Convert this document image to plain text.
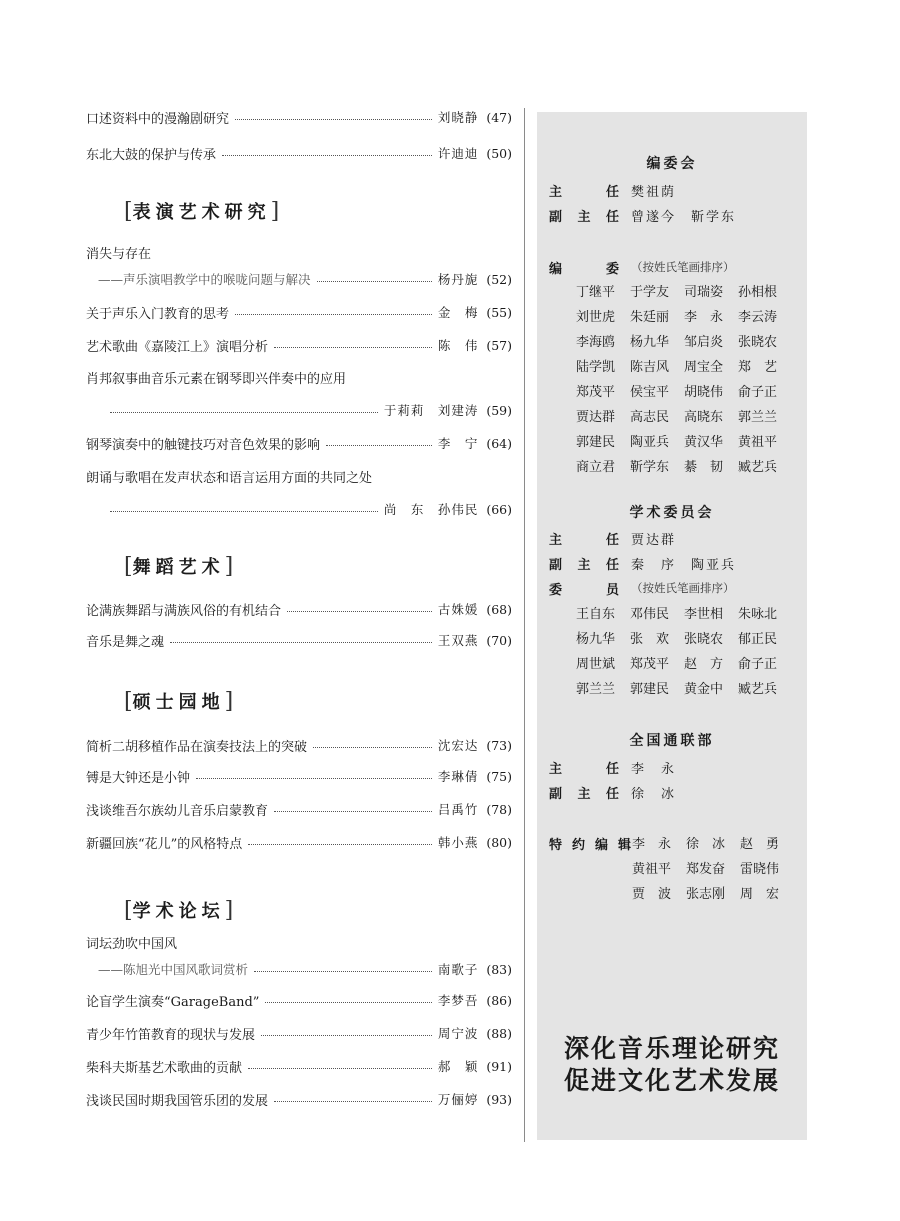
口述资料中的漫瀚剧研究	刘晓静 (47)
东北大鼓的保护与传承	许迪迪 (50)
[ 表演艺术研究 ]
消失与存在
——声乐演唱教学中的喉咙问题与解决	杨丹旎 (52)
关于声乐入门教育的思考	金　梅 (55)
艺术歌曲《嘉陵江上》演唱分析	陈　伟 (57)
肖邦叙事曲音乐元素在钢琴即兴伴奏中的应用
于莉莉　刘建涛 (59)
钢琴演奏中的触键技巧对音色效果的影响	李　宁 (64)
朗诵与歌唱在发声状态和语言运用方面的共同之处
尚　东　孙伟民 (66)
[ 舞蹈艺术 ]
论满族舞蹈与满族风俗的有机结合	古姝媛 (68)
音乐是舞之魂	王双燕 (70)
[ 硕士园地 ]
简析二胡移植作品在演奏技法上的突破	沈宏达 (73)
镈是大钟还是小钟	李琳倩 (75)
浅谈维吾尔族幼儿音乐启蒙教育	吕禹竹 (78)
新疆回族“花儿”的风格特点	韩小燕 (80)
[ 学术论坛 ]
词坛劲吹中国风
——陈旭光中国风歌词赏析	南歌子 (83)
论盲学生演奏“GarageBand”	李梦吾 (86)
青少年竹笛教育的现状与发展	周宁波 (88)
柴科夫斯基艺术歌曲的贡献	郝　颖 (91)
浅谈民国时期我国管乐团的发展	万俪婷 (93)
编委会
主	任 樊祖荫
副 主 任 曾遂今　靳学东
编	委 （按姓氏笔画排序）
丁继平	于学友	司瑞姿	孙相根
刘世虎	朱廷丽	李　永	李云涛
李海鸥	杨九华	邹启炎	张晓农
陆学凯	陈吉风	周宝全	郑　艺
郑茂平	侯宝平	胡晓伟	俞子正
贾达群	高志民	高晓东	郭兰兰
郭建民	陶亚兵	黄汉华	黄祖平
商立君	靳学东	綦　韧	臧艺兵
学术委员会
主	任 贾达群
副 主 任 秦　序　陶亚兵
委	员 （按姓氏笔画排序）
王自东	邓伟民	李世相	朱咏北
杨九华	张　欢	张晓农	郁正民
周世斌	郑茂平	赵　方	俞子正
郭兰兰	郭建民	黄金中	臧艺兵
全国通联部
主	任 李　永
副 主 任 徐　冰
特 约 编 辑 李　永	徐　冰	赵　勇
黄祖平	郑发奋	雷晓伟
贾　波	张志刚	周　宏
深化音乐理论研究
促进文化艺术发展
